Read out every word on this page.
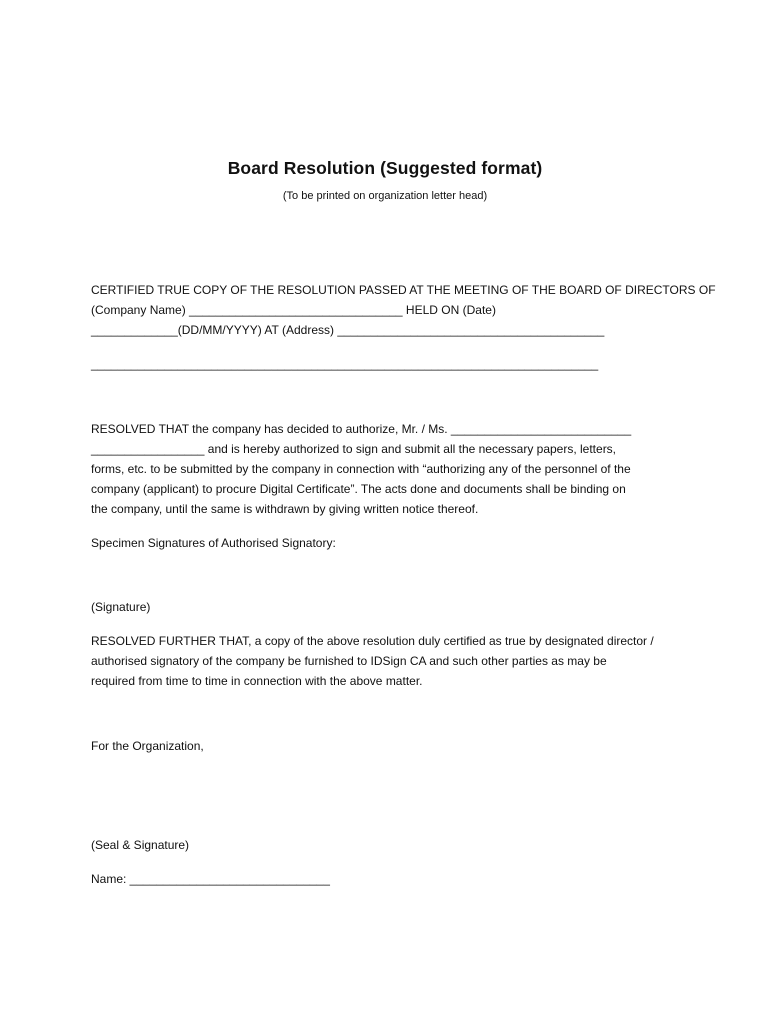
Board Resolution (Suggested format)
(To be printed on organization letter head)
CERTIFIED TRUE COPY OF THE RESOLUTION PASSED AT THE MEETING OF THE BOARD OF DIRECTORS OF
(Company Name) ________________________________ HELD ON (Date)
_____________(DD/MM/YYYY) AT (Address) ________________________________________
____________________________________________________________________________
RESOLVED THAT the company has decided to authorize, Mr. / Ms. ___________________________
_________________ and is hereby authorized to sign and submit all the necessary papers, letters,
forms, etc. to be submitted by the company in connection with “authorizing any of the personnel of the
company (applicant) to procure Digital Certificate”. The acts done and documents shall be binding on
the company, until the same is withdrawn by giving written notice thereof.
Specimen Signatures of Authorised Signatory:
(Signature)
RESOLVED FURTHER THAT, a copy of the above resolution duly certified as true by designated director /
authorised signatory of the company be furnished to IDSign CA and such other parties as may be
required from time to time in connection with the above matter.
For the Organization,
(Seal & Signature)
Name: ______________________________
